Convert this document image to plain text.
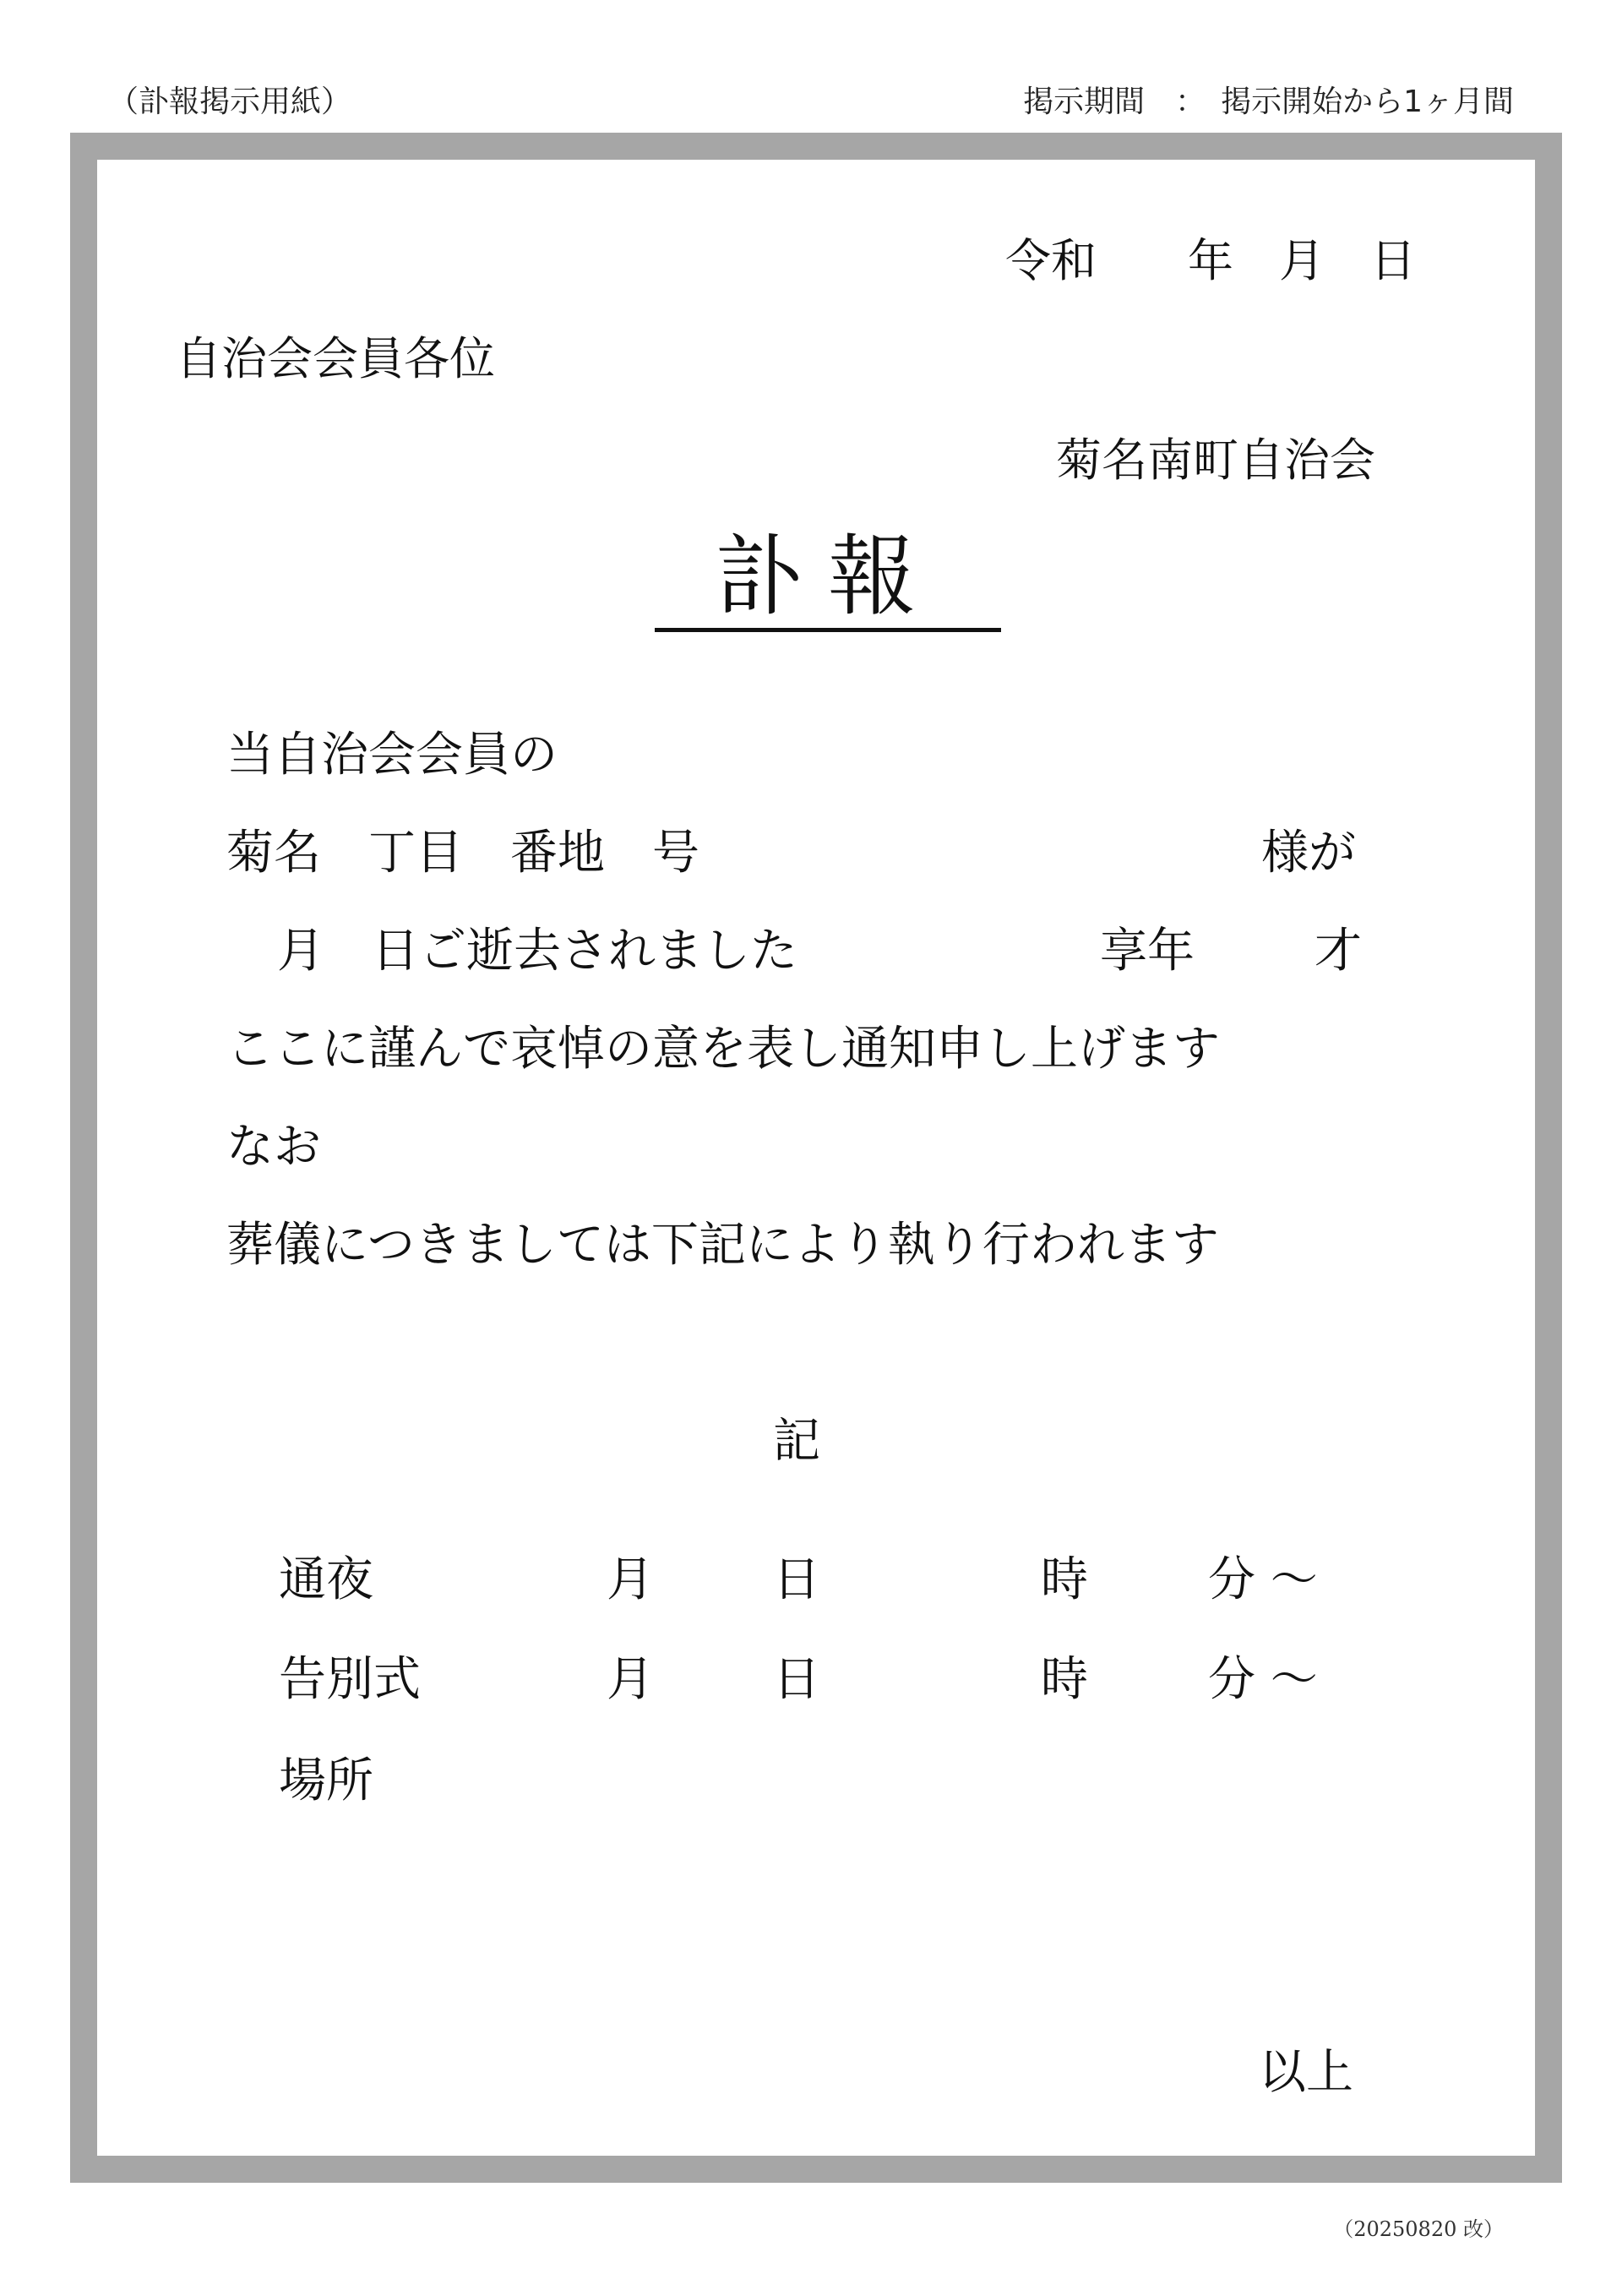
（訃報掲示用紙）	掲示期間　：　掲示開始から1ヶ月間
令和　　年　月　日
自治会会員各位
菊名南町自治会
訃報
当自治会会員の
菊名　丁目　番地　号	様が
月　日ご逝去されました	享年	才
ここに謹んで哀悼の意を表し通知申し上げます
なお
葬儀につきましては下記により執り行われます
記
通夜	月	日	時	分 ～
告別式	月	日	時	分 ～
場所
以上
（20250820 改）
